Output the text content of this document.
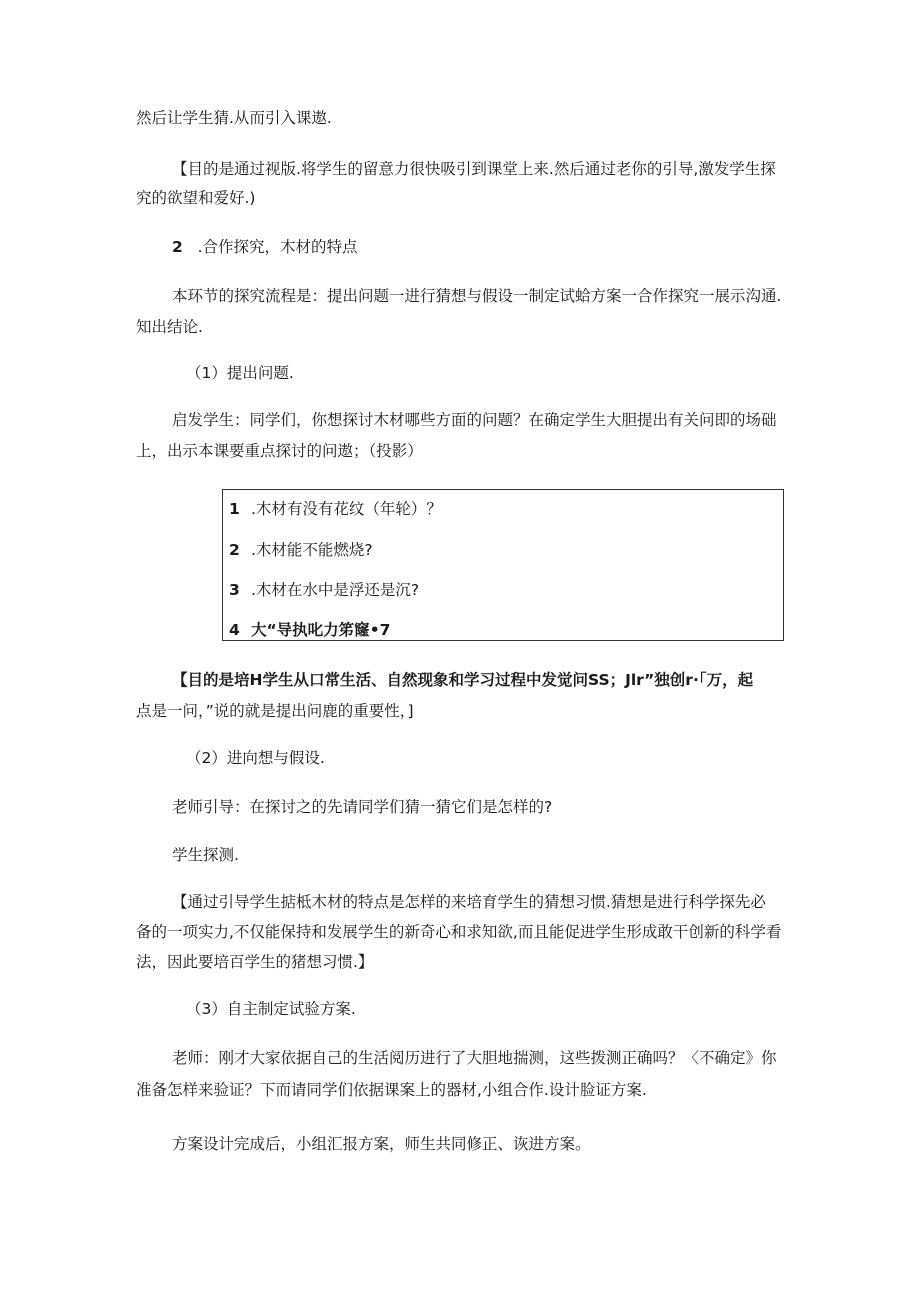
然后让学生猜.从而引入课遨.
【目的是通过视版.将学生的留意力很快吸引到课堂上来.然后通过老你的引导,激发学生探
究的欲望和爱好.)
2 .合作探究，木材的特点
本环节的探究流程是：提出问题一进行猜想与假设一制定试蛤方案一合作探究一展示沟通.
知出结论.
（1）提出问题.
启发学生：同学们，你想探讨木材哪些方面的问题？在确定学生大胆提出有关问即的场础
上，出示本课要重点探讨的问遨；（投影）
1 .木材有没有花纹（年轮）？
2 .木材能不能燃烧?
3 .木材在水中是浮还是沉?
4 大“导执叱力笫窿•7
【目的是培H学生从口常生活、自然现象和学习过程中发觉问SS；Jlr”独创r·「万，起
点是一问，”说的就是提出问鹿的重要性，]
（2）进向想与假设.
老师引导：在探讨之的先请同学们猜一猜它们是怎样的?
学生探测.
【通过引导学生掂柢木材的特点是怎样的来培育学生的猜想习惯.猜想是进行科学探先必
备的一项实力,不仅能保持和发展学生的新奇心和求知欲,而且能促进学生形成敢干创新的科学看
法，因此要培百学生的猪想习惯.】
（3）自主制定试验方案.
老师：刚才大家依据自己的生活阅历进行了大胆地揣测，这些拨测正确吗？〈不确定》你
准备怎样来验证？下而请同学们依据课案上的器材,小组合作.设计脸证方案.
方案设计完成后，小组汇报方案，师生共同修正、诙进方案。
